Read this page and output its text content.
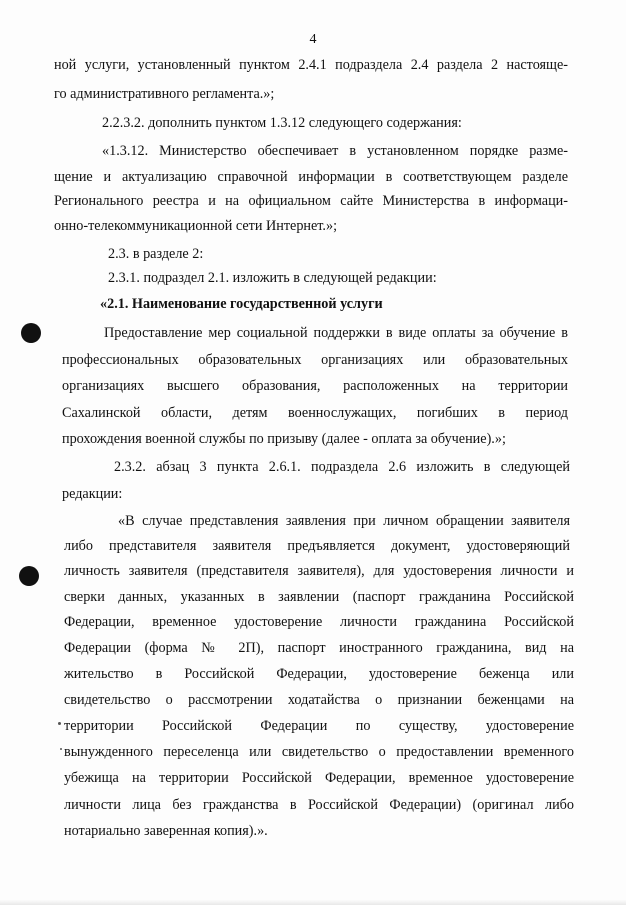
4
ной услуги, установленный пунктом 2.4.1 подраздела 2.4 раздела 2 настояще-
го административного регламента.»;
2.2.3.2. дополнить пунктом 1.3.12 следующего содержания:
«1.3.12. Министерство обеспечивает в установленном порядке разме-
щение и актуализацию справочной информации в соответствующем разделе
Регионального реестра и на официальном сайте Министерства в информаци-
онно-телекоммуникационной сети Интернет.»;
2.3. в разделе 2:
2.3.1. подраздел 2.1. изложить в следующей редакции:
«2.1. Наименование государственной услуги
Предоставление мер социальной поддержки в виде оплаты за обучение в
профессиональных образовательных организациях или образовательных
организациях высшего образования, расположенных на территории
Сахалинской области, детям военнослужащих, погибших в период
прохождения военной службы по призыву (далее - оплата за обучение).»;
2.3.2. абзац 3 пункта 2.6.1. подраздела 2.6 изложить в следующей
редакции:
«В случае представления заявления при личном обращении заявителя
либо представителя заявителя предъявляется документ, удостоверяющий
личность заявителя (представителя заявителя), для удостоверения личности и
сверки данных, указанных в заявлении (паспорт гражданина Российской
Федерации, временное удостоверение личности гражданина Российской
Федерации (форма № 2П), паспорт иностранного гражданина, вид на
жительство в Российской Федерации, удостоверение беженца или
свидетельство о рассмотрении ходатайства о признании беженцами на
территории Российской Федерации по существу, удостоверение
вынужденного переселенца или свидетельство о предоставлении временного
убежища на территории Российской Федерации, временное удостоверение
личности лица без гражданства в Российской Федерации) (оригинал либо
нотариально заверенная копия).».
